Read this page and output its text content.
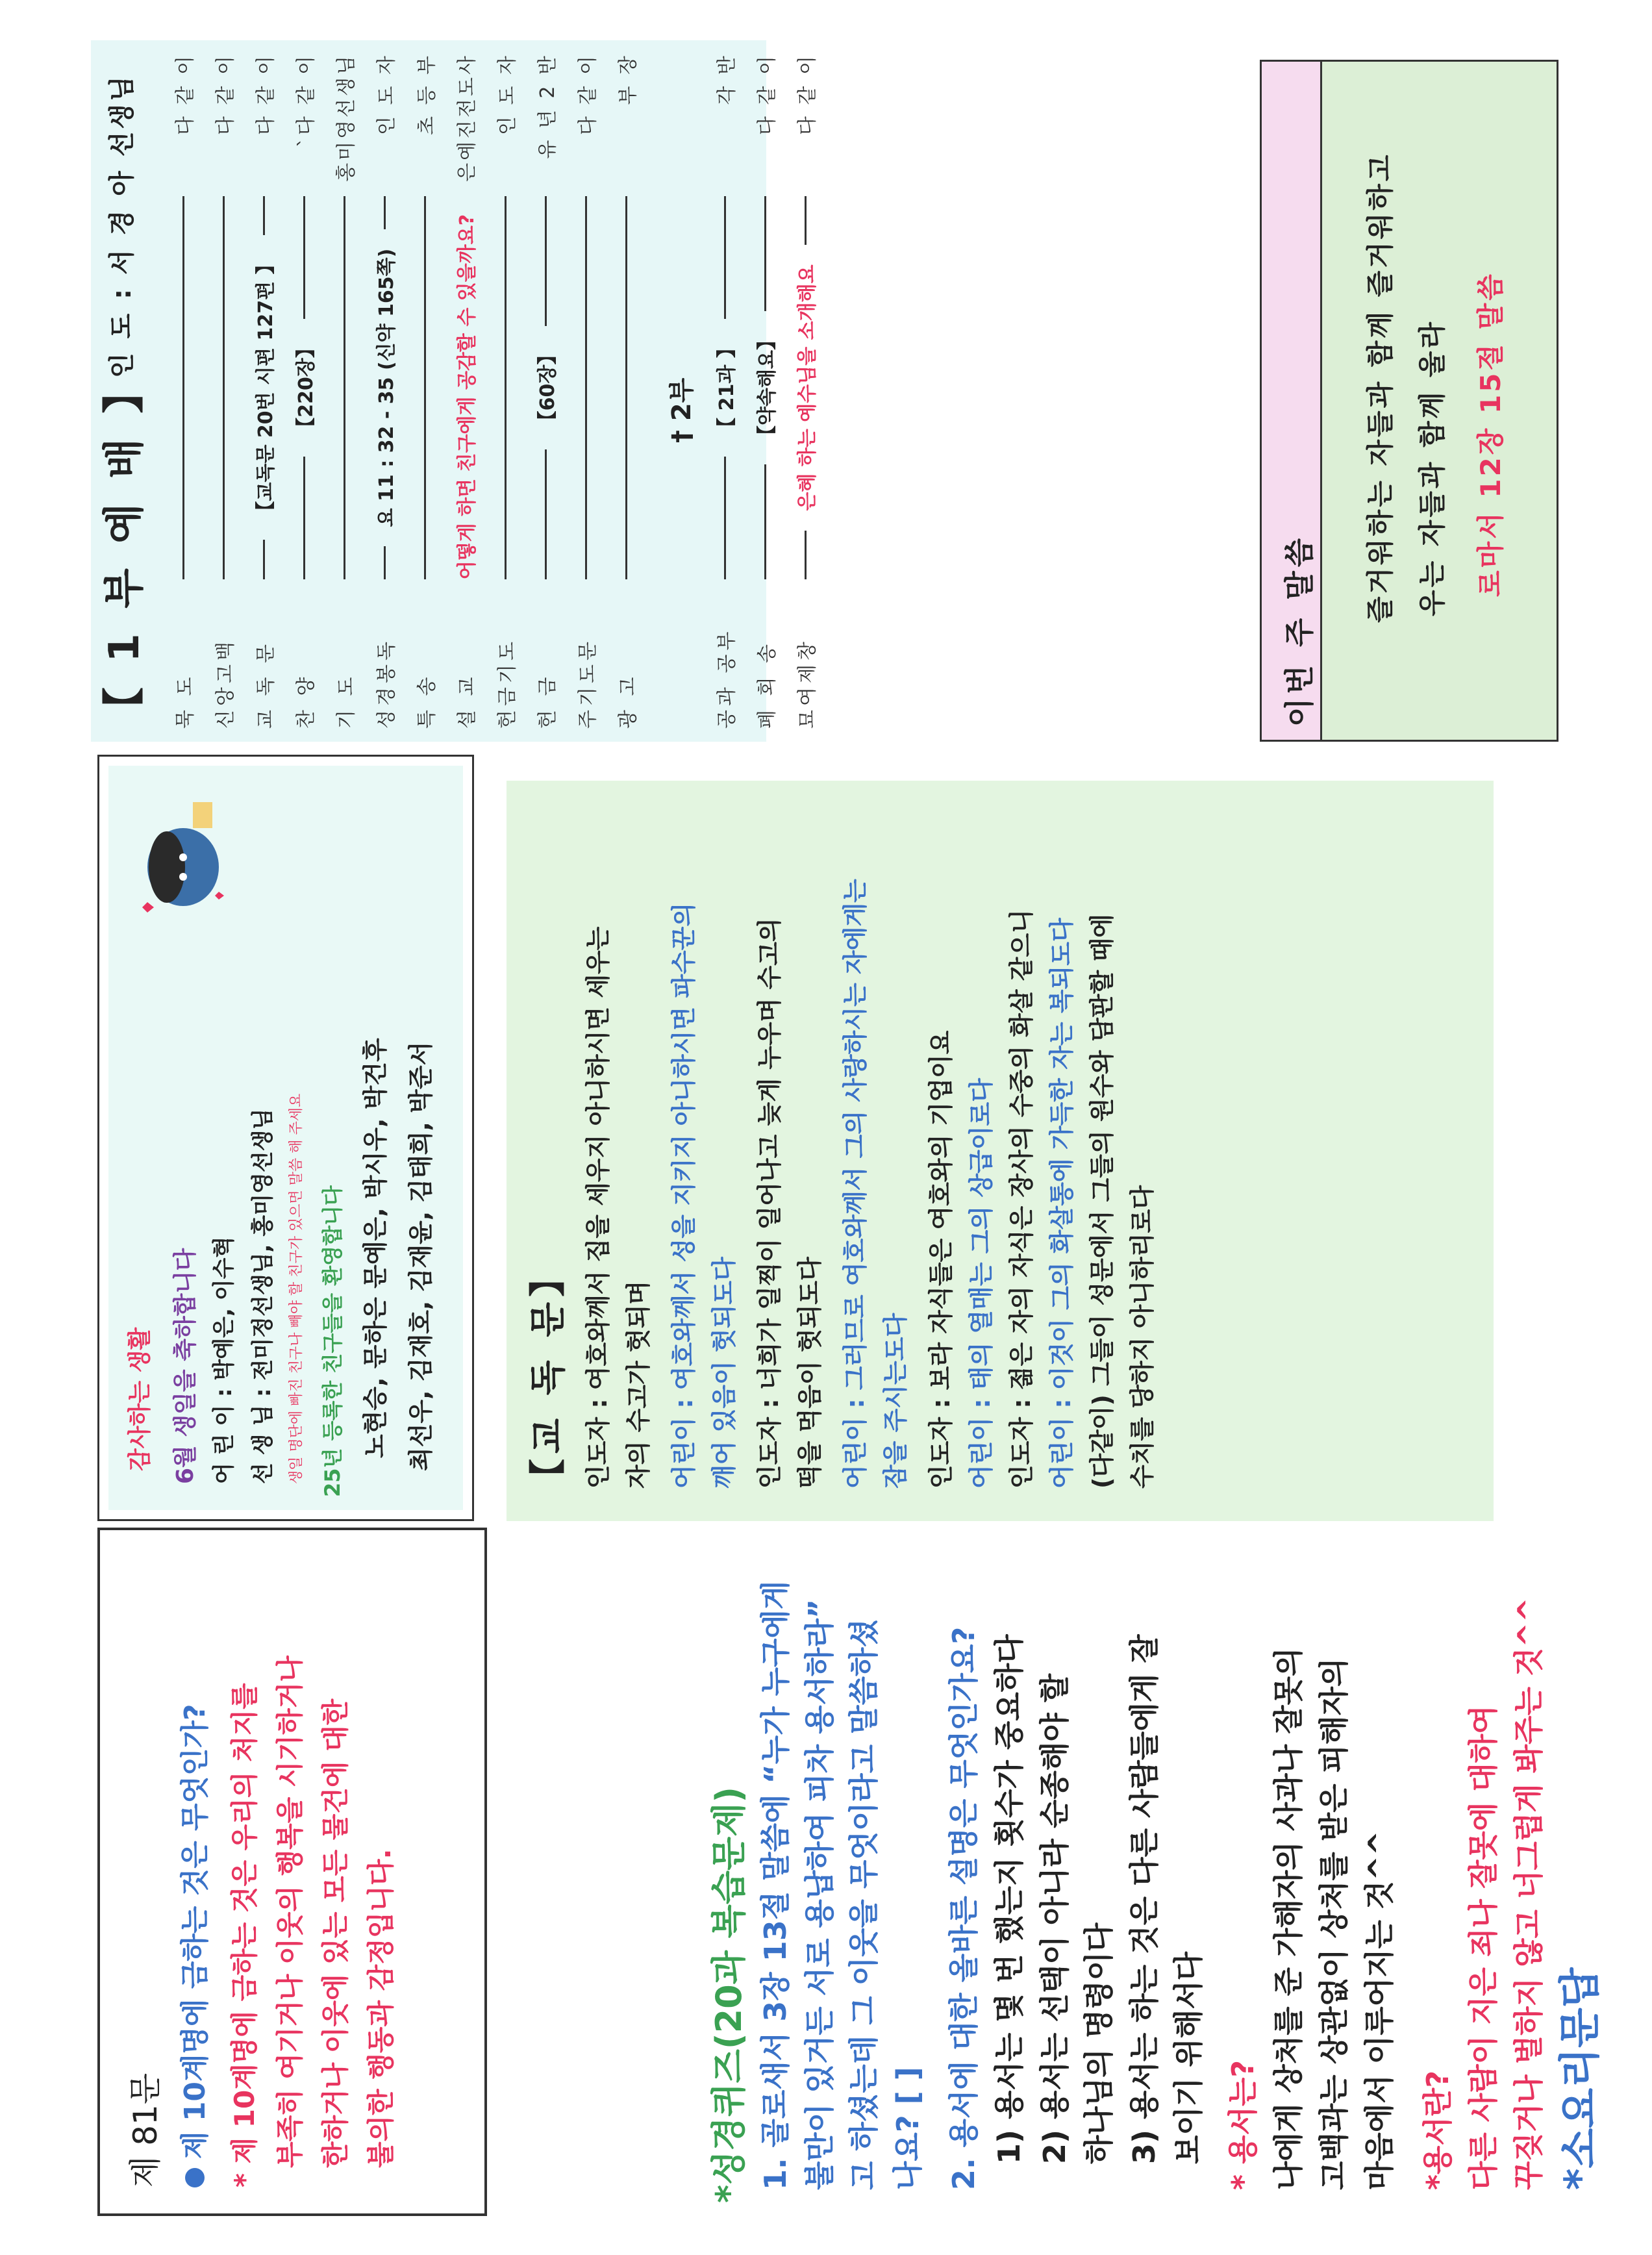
【 1 부 예 배 】
인 도 : 서 경 아 선생님
묵 도
다 같 이
신앙고백
다 같 이
교 독 문
【교독문 20번 시편 127편 】
다 같 이
찬 양
【220장】
`다 같 이
기 도
홍미영선생님
성경봉독
요 11 : 32 - 35 (신약 165쪽)
인 도 자
특 송
초 등 부
설 교
어떻게 하면 친구에게 공감할 수 있을까요?
은예진전도사
헌금기도
인 도 자
헌 금
【60장】
유 년 2 반
주기도문
다 같 이
광 고
부 장
† 2부
공과 공부
【 21과 】
각 반
폐 회 송
【약속해요】
다 같 이
묘여제창
은혜 하는 예수님을 소개해요
다 같 이
이번 주 말씀
즐거워하는 자들과 함께 즐거워하고 우는 자들과 함께 울라 로마서 12장 15절 말씀
【교 독 문】 인도자 : 여호와께서 집을 세우지 아니하시면 세우는 자의 수고가 헛되며 어린이 : 여호와께서 성을 지키지 아니하시면 파수꾼의 깨어 있음이 헛되도다 인도자 : 너희가 일찍이 일어나고 늦게 누우며 수고의 떡을 먹음이 헛되도다 어린이 : 그러므로 여호와께서 그의 사랑하시는 자에게는 잠을 주시는도다 인도자 : 보라 자식들은 여호와의 기업이요 어린이 : 태의 열매는 그의 상급이로다 인도자 : 젊은 자의 자식은 장사의 수중의 화살 같으니 어린이 : 이것이 그의 화살통에 가득한 자는 복되도다 (다같이) 그들이 성문에서 그들의 원수와 담판할 때에 수치를 당하지 아니하리로다
감사하는 생활 6월 생일을 축하합니다 어 린 이 : 박예은, 이수혁 선 생 님 : 전미정선생님, 홍미영선생님 생일 명단에 빠진 친구나 빼야 할 친구가 있으면 말씀 해 주세요 25년 등록한 친구들을 환영합니다 노현승, 문하은 문예은, 박시우, 박건후 최선우, 김재호, 김재윤, 김태희, 박준서
*성경퀴즈(20과 복습문제) 1. 골로새서 3장 13절 말씀에 “누가 누구에게 불만이 있거든 서로 용납하여 피차 용서하라” 고 하셨는데 그 이웃을 무엇이라고 말씀하셨 나요? [ ] 2. 용서에 대한 올바른 설명은 무엇인가요? 1) 용서는 몇 번 했는지 횟수가 중요하다 2) 용서는 선택이 아니라 순종해야 할 하나님의 명령이다 3) 용서는 하는 것은 다른 사람들에게 잘 보이기 위해서다 * 용서는? 나에게 상처를 준 가해자의 사과나 잘못의 고백과는 상관없이 상처를 받은 피해자의 마음에서 이루어지는 것^^ *용서란? 다른 사람이 지은 죄나 잘못에 대하여 꾸짖거나 벌하지 않고 너그럽게 봐주는 것^^ *소요리문답
제 81문 제 10계명에 금하는 것은 무엇인가? * 제 10계명에 금하는 것은 우리의 처지를 부족히 여기거나 이웃의 행복을 시기하거나 한하거나 이웃에 있는 모든 물건에 대한 불의한 행동과 감정입니다.
